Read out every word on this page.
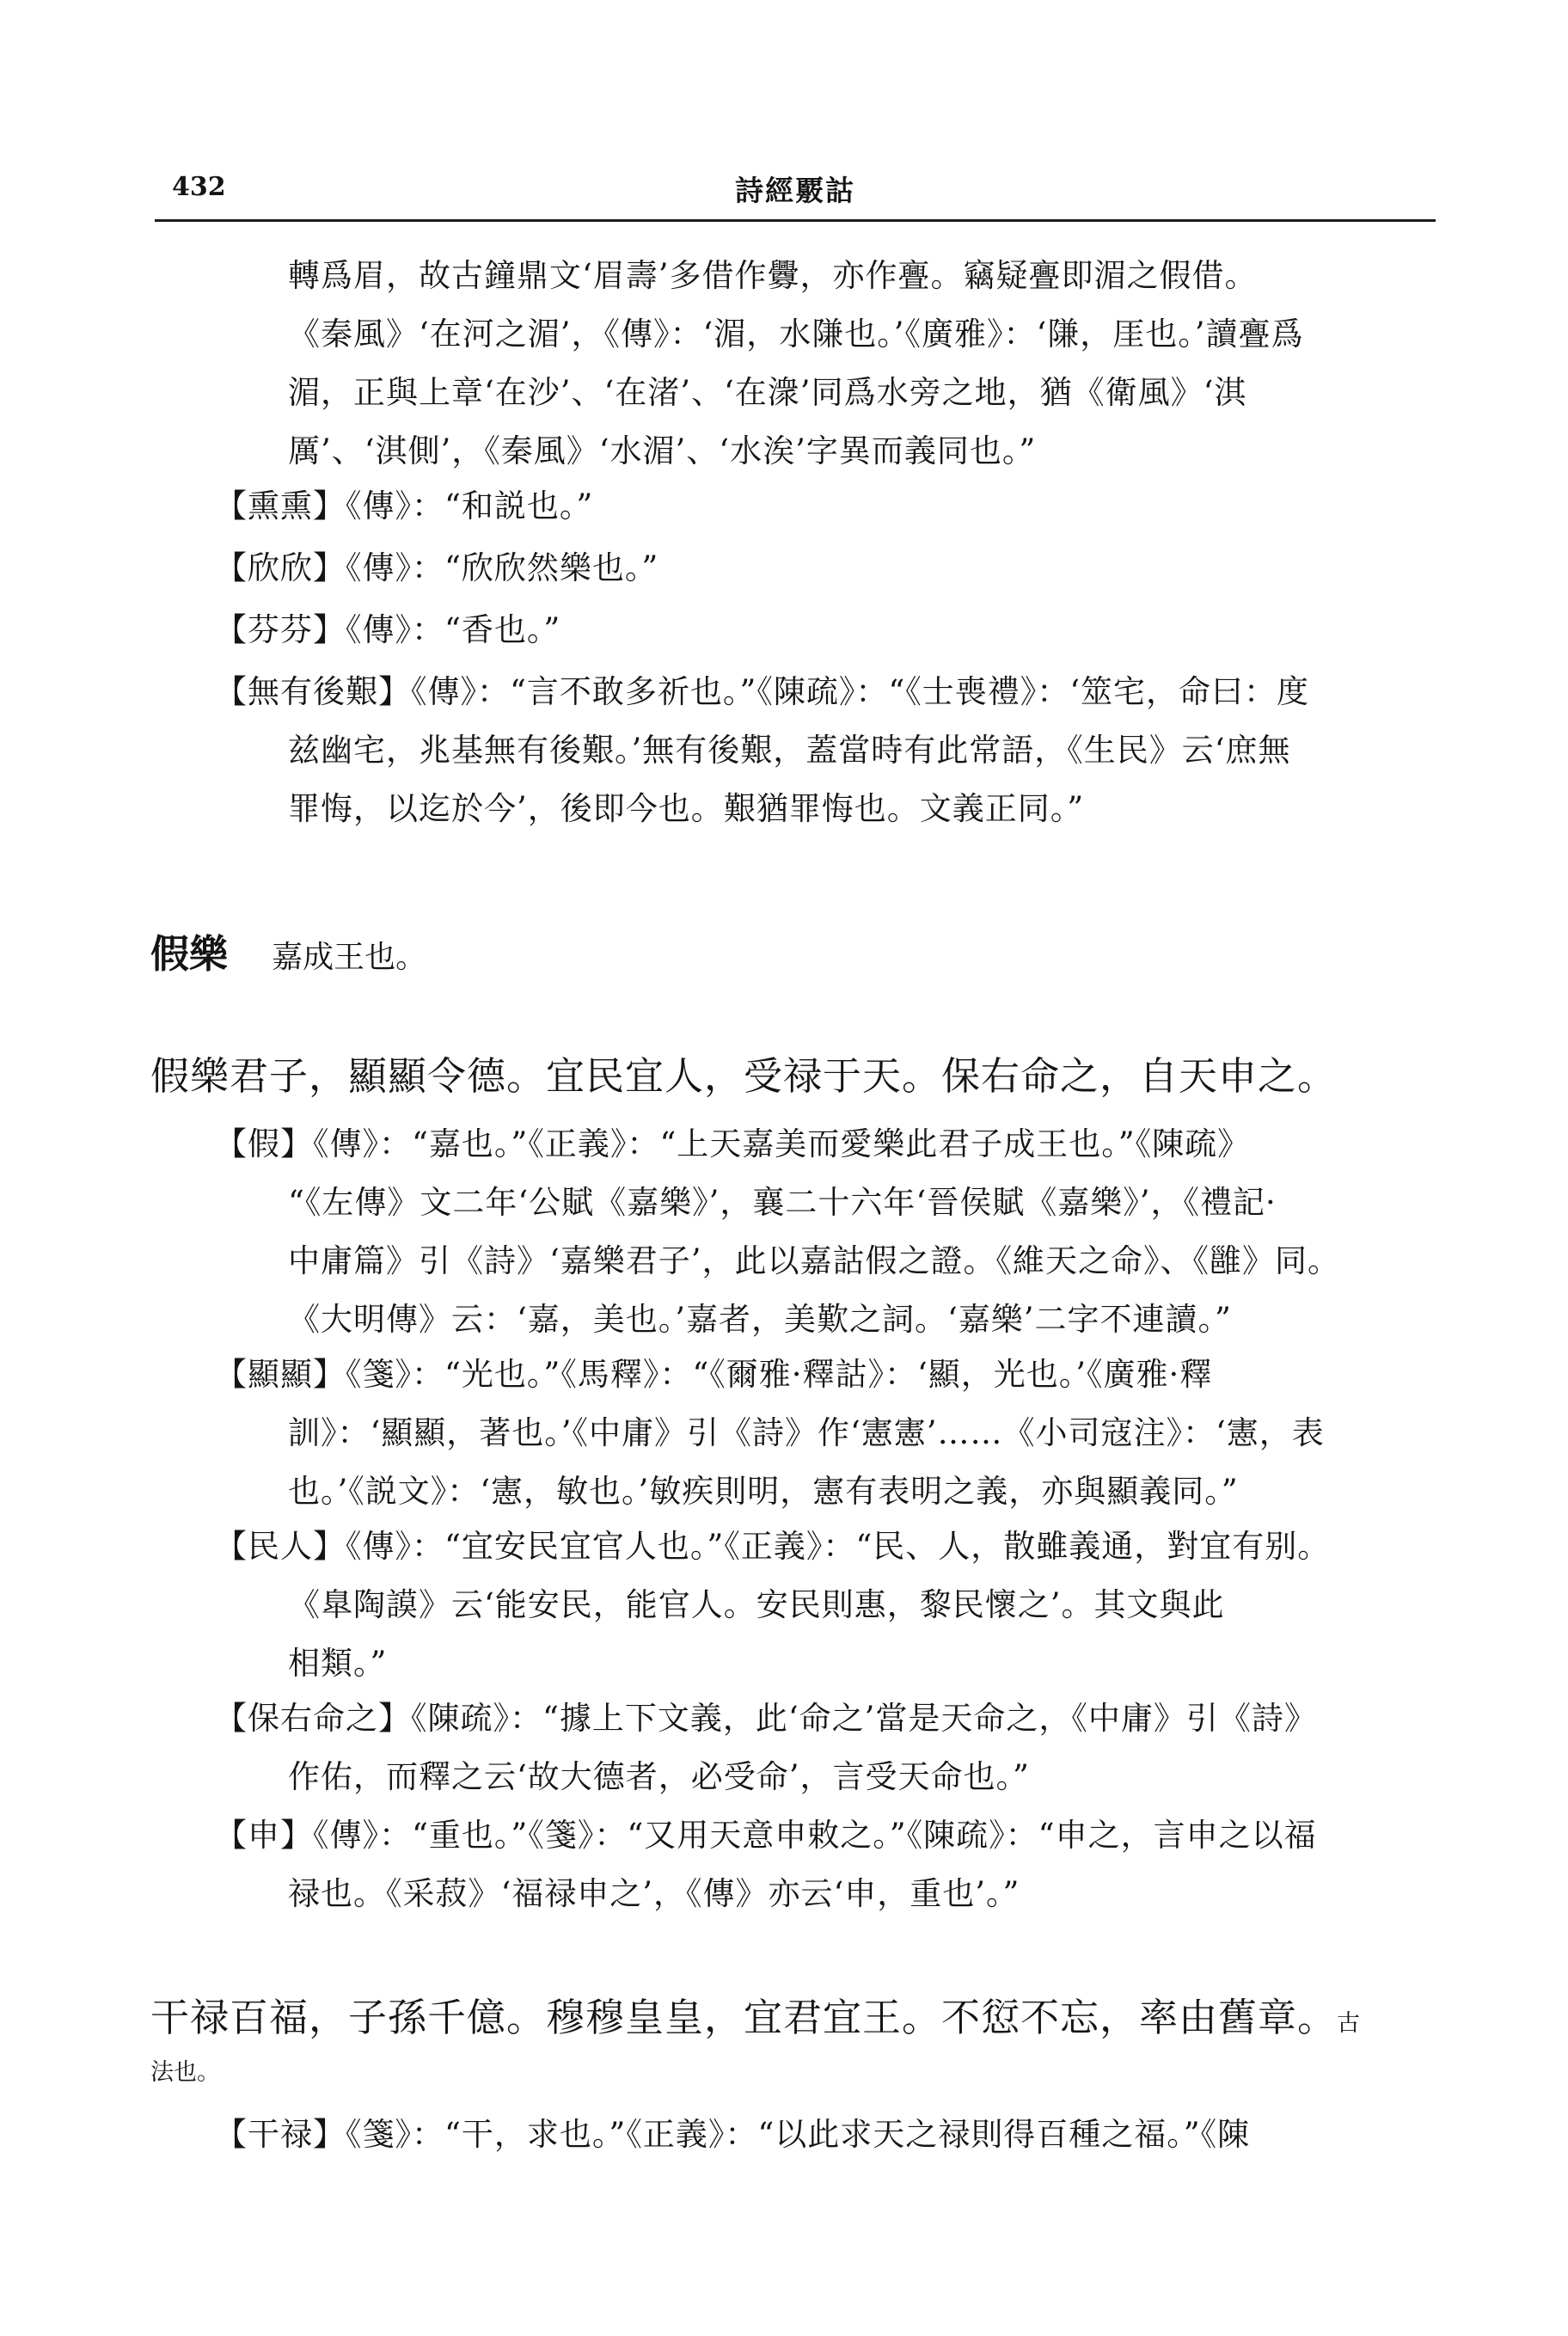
432	詩經覈詁
轉爲眉，故古鐘鼎文‘眉壽’多借作釁，亦作亹。竊疑亹即湄之假借。
《秦風》‘在河之湄’，《傳》：‘湄，水隒也。’《廣雅》：‘隒，厓也。’讀亹爲
湄，正與上章‘在沙’、‘在渚’、‘在潨’同爲水旁之地，猶《衛風》‘淇
厲’、‘淇側’，《秦風》‘水湄’、‘水涘’字異而義同也。”
【熏熏】《傳》：“和説也。”
【欣欣】《傳》：“欣欣然樂也。”
【芬芬】《傳》：“香也。”
【無有後艱】《傳》：“言不敢多祈也。”《陳疏》：“《士喪禮》：‘筮宅，命曰：度
兹幽宅，兆基無有後艱。’無有後艱，蓋當時有此常語，《生民》云‘庶無
罪悔，以迄於今’，後即今也。艱猶罪悔也。文義正同。”
假樂 嘉成王也。
假樂君子，顯顯令德。宜民宜人，受禄于天。保右命之，自天申之。
【假】《傳》：“嘉也。”《正義》：“上天嘉美而愛樂此君子成王也。”《陳疏》
“《左傳》文二年‘公賦《嘉樂》’，襄二十六年‘晉侯賦《嘉樂》’，《禮記·
中庸篇》引《詩》‘嘉樂君子’，此以嘉詁假之證。《維天之命》、《雝》同。
《大明傳》云：‘嘉，美也。’嘉者，美歎之詞。‘嘉樂’二字不連讀。”
【顯顯】《箋》：“光也。”《馬釋》：“《爾雅·釋詁》：‘顯，光也。’《廣雅·釋
訓》：‘顯顯，著也。’《中庸》引《詩》作‘憲憲’……《小司寇注》：‘憲，表
也。’《説文》：‘憲，敏也。’敏疾則明，憲有表明之義，亦與顯義同。”
【民人】《傳》：“宜安民宜官人也。”《正義》：“民、人，散雖義通，對宜有别。
《臯陶謨》云‘能安民，能官人。安民則惠，黎民懷之’。其文與此
相類。”
【保右命之】《陳疏》：“據上下文義，此‘命之’當是天命之，《中庸》引《詩》
作佑，而釋之云‘故大德者，必受命’，言受天命也。”
【申】《傳》：“重也。”《箋》：“又用天意申敕之。”《陳疏》：“申之，言申之以福
禄也。《采菽》‘福禄申之’，《傳》亦云‘申，重也’。”
干禄百福，子孫千億。穆穆皇皇，宜君宜王。不愆不忘，率由舊章。古
法也。
【干禄】《箋》：“干，求也。”《正義》：“以此求天之禄則得百種之福。”《陳
